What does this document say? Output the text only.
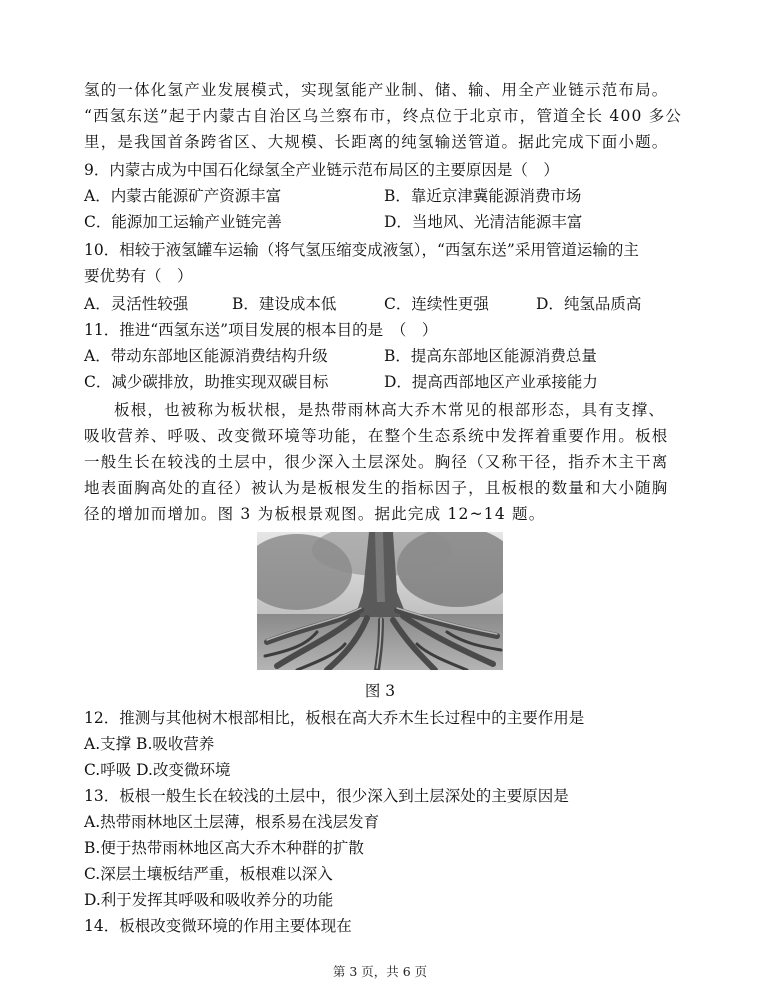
氢的一体化氢产业发展模式，实现氢能产业制、储、输、用全产业链示范布局。
“西氢东送”起于内蒙古自治区乌兰察布市，终点位于北京市，管道全长 400 多公
里，是我国首条跨省区、大规模、长距离的纯氢输送管道。据此完成下面小题。
9．内蒙古成为中国石化绿氢全产业链示范布局区的主要原因是（　）
A．内蒙古能源矿产资源丰富	B．靠近京津冀能源消费市场
C．能源加工运输产业链完善	D．当地风、光清洁能源丰富
10．相较于液氢罐车运输（将气氢压缩变成液氢），“西氢东送”采用管道运输的主
要优势有（　）
A．灵活性较强	B．建设成本低	C．连续性更强	D．纯氢品质高
11．推进“西氢东送”项目发展的根本目的是　（　）
A．带动东部地区能源消费结构升级	B．提高东部地区能源消费总量
C．减少碳排放，助推实现双碳目标	D．提高西部地区产业承接能力
板根，也被称为板状根，是热带雨林高大乔木常见的根部形态，具有支撑、
吸收营养、呼吸、改变微环境等功能，在整个生态系统中发挥着重要作用。板根
一般生长在较浅的土层中，很少深入土层深处。胸径（又称干径，指乔木主干离
地表面胸高处的直径）被认为是板根发生的指标因子，且板根的数量和大小随胸
径的增加而增加。图 3 为板根景观图。据此完成 12~14 题。
图 3
12．推测与其他树木根部相比，板根在高大乔木生长过程中的主要作用是
A.支撑 B.吸收营养
C.呼吸 D.改变微环境
13．板根一般生长在较浅的土层中，很少深入到土层深处的主要原因是
A.热带雨林地区土层薄，根系易在浅层发育
B.便于热带雨林地区高大乔木种群的扩散
C.深层土壤板结严重，板根难以深入
D.利于发挥其呼吸和吸收养分的功能
14．板根改变微环境的作用主要体现在
第 3 页，共 6 页
